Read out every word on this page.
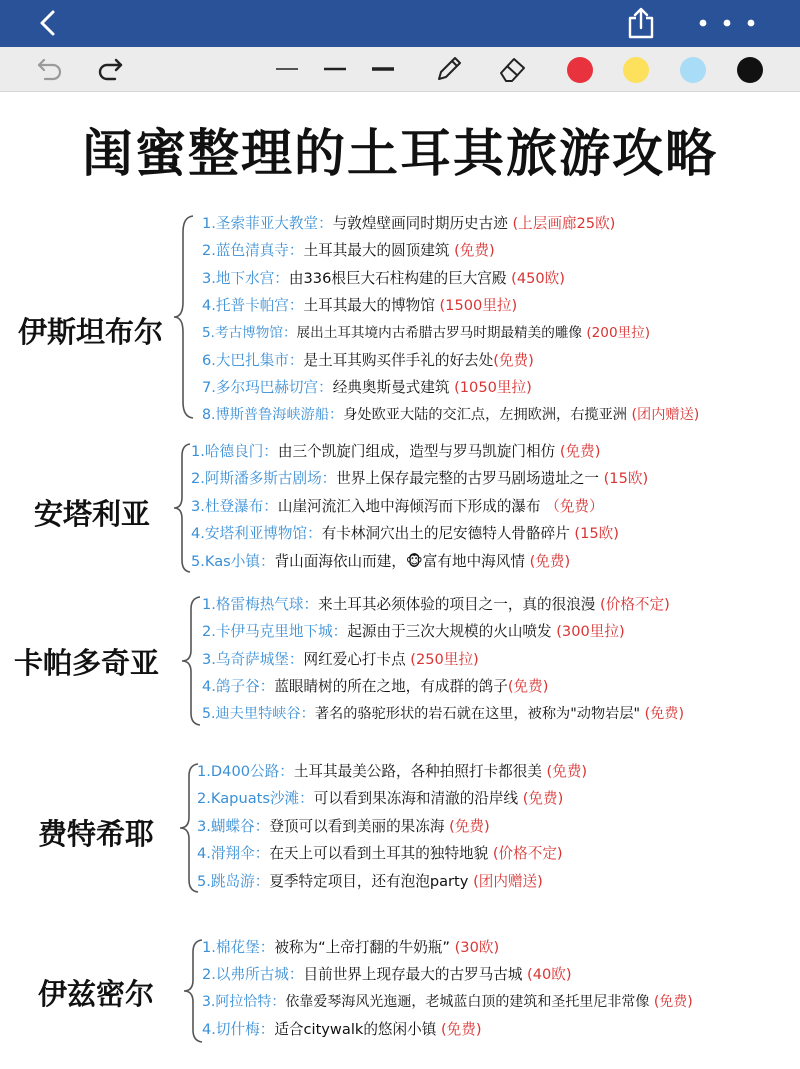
闺蜜整理的土耳其旅游攻略
伊斯坦布尔
1.圣索菲亚大教堂：与敦煌壁画同时期历史古迹 (上层画廊25欧)
2.蓝色清真寺：土耳其最大的圆顶建筑 (免费)
3.地下水宫：由336根巨大石柱构建的巨大宫殿 (450欧)
4.托普卡帕宫：土耳其最大的博物馆 (1500里拉)
5.考古博物馆：展出土耳其境内古希腊古罗马时期最精美的雕像 (200里拉)
6.大巴扎集市：是土耳其购买伴手礼的好去处(免费)
7.多尔玛巴赫切宫：经典奥斯曼式建筑 (1050里拉)
8.博斯普鲁海峡游船：身处欧亚大陆的交汇点，左拥欧洲，右揽亚洲 (团内赠送)
安塔利亚
1.哈德良门：由三个凯旋门组成，造型与罗马凯旋门相仿 (免费)
2.阿斯潘多斯古剧场：世界上保存最完整的古罗马剧场遗址之一 (15欧)
3.杜登瀑布：山崖河流汇入地中海倾泻而下形成的瀑布 （免费）
4.安塔利亚博物馆：有卡林洞穴出土的尼安德特人骨骼碎片 (15欧)
5.Kas小镇：背山面海依山而建，🐵富有地中海风情 (免费)
卡帕多奇亚
1.格雷梅热气球：来土耳其必须体验的项目之一，真的很浪漫 (价格不定)
2.卡伊马克里地下城：起源由于三次大规模的火山喷发 (300里拉)
3.乌奇萨城堡：网红爱心打卡点 (250里拉)
4.鸽子谷：蓝眼睛树的所在之地，有成群的鸽子(免费)
5.迪夫里特峡谷：著名的骆驼形状的岩石就在这里，被称为"动物岩层" (免费)
费特希耶
1.D400公路：土耳其最美公路，各种拍照打卡都很美 (免费)
2.Kapuats沙滩：可以看到果冻海和清澈的沿岸线 (免费)
3.蝴蝶谷：登顶可以看到美丽的果冻海 (免费)
4.滑翔伞：在天上可以看到土耳其的独特地貌 (价格不定)
5.跳岛游：夏季特定项目，还有泡泡party (团内赠送)
伊兹密尔
1.棉花堡：被称为“上帝打翻的牛奶瓶” (30欧)
2.以弗所古城：目前世界上现存最大的古罗马古城 (40欧)
3.阿拉恰特：依靠爱琴海风光迤逦，老城蓝白顶的建筑和圣托里尼非常像 (免费)
4.切什梅：适合citywalk的悠闲小镇 (免费)
